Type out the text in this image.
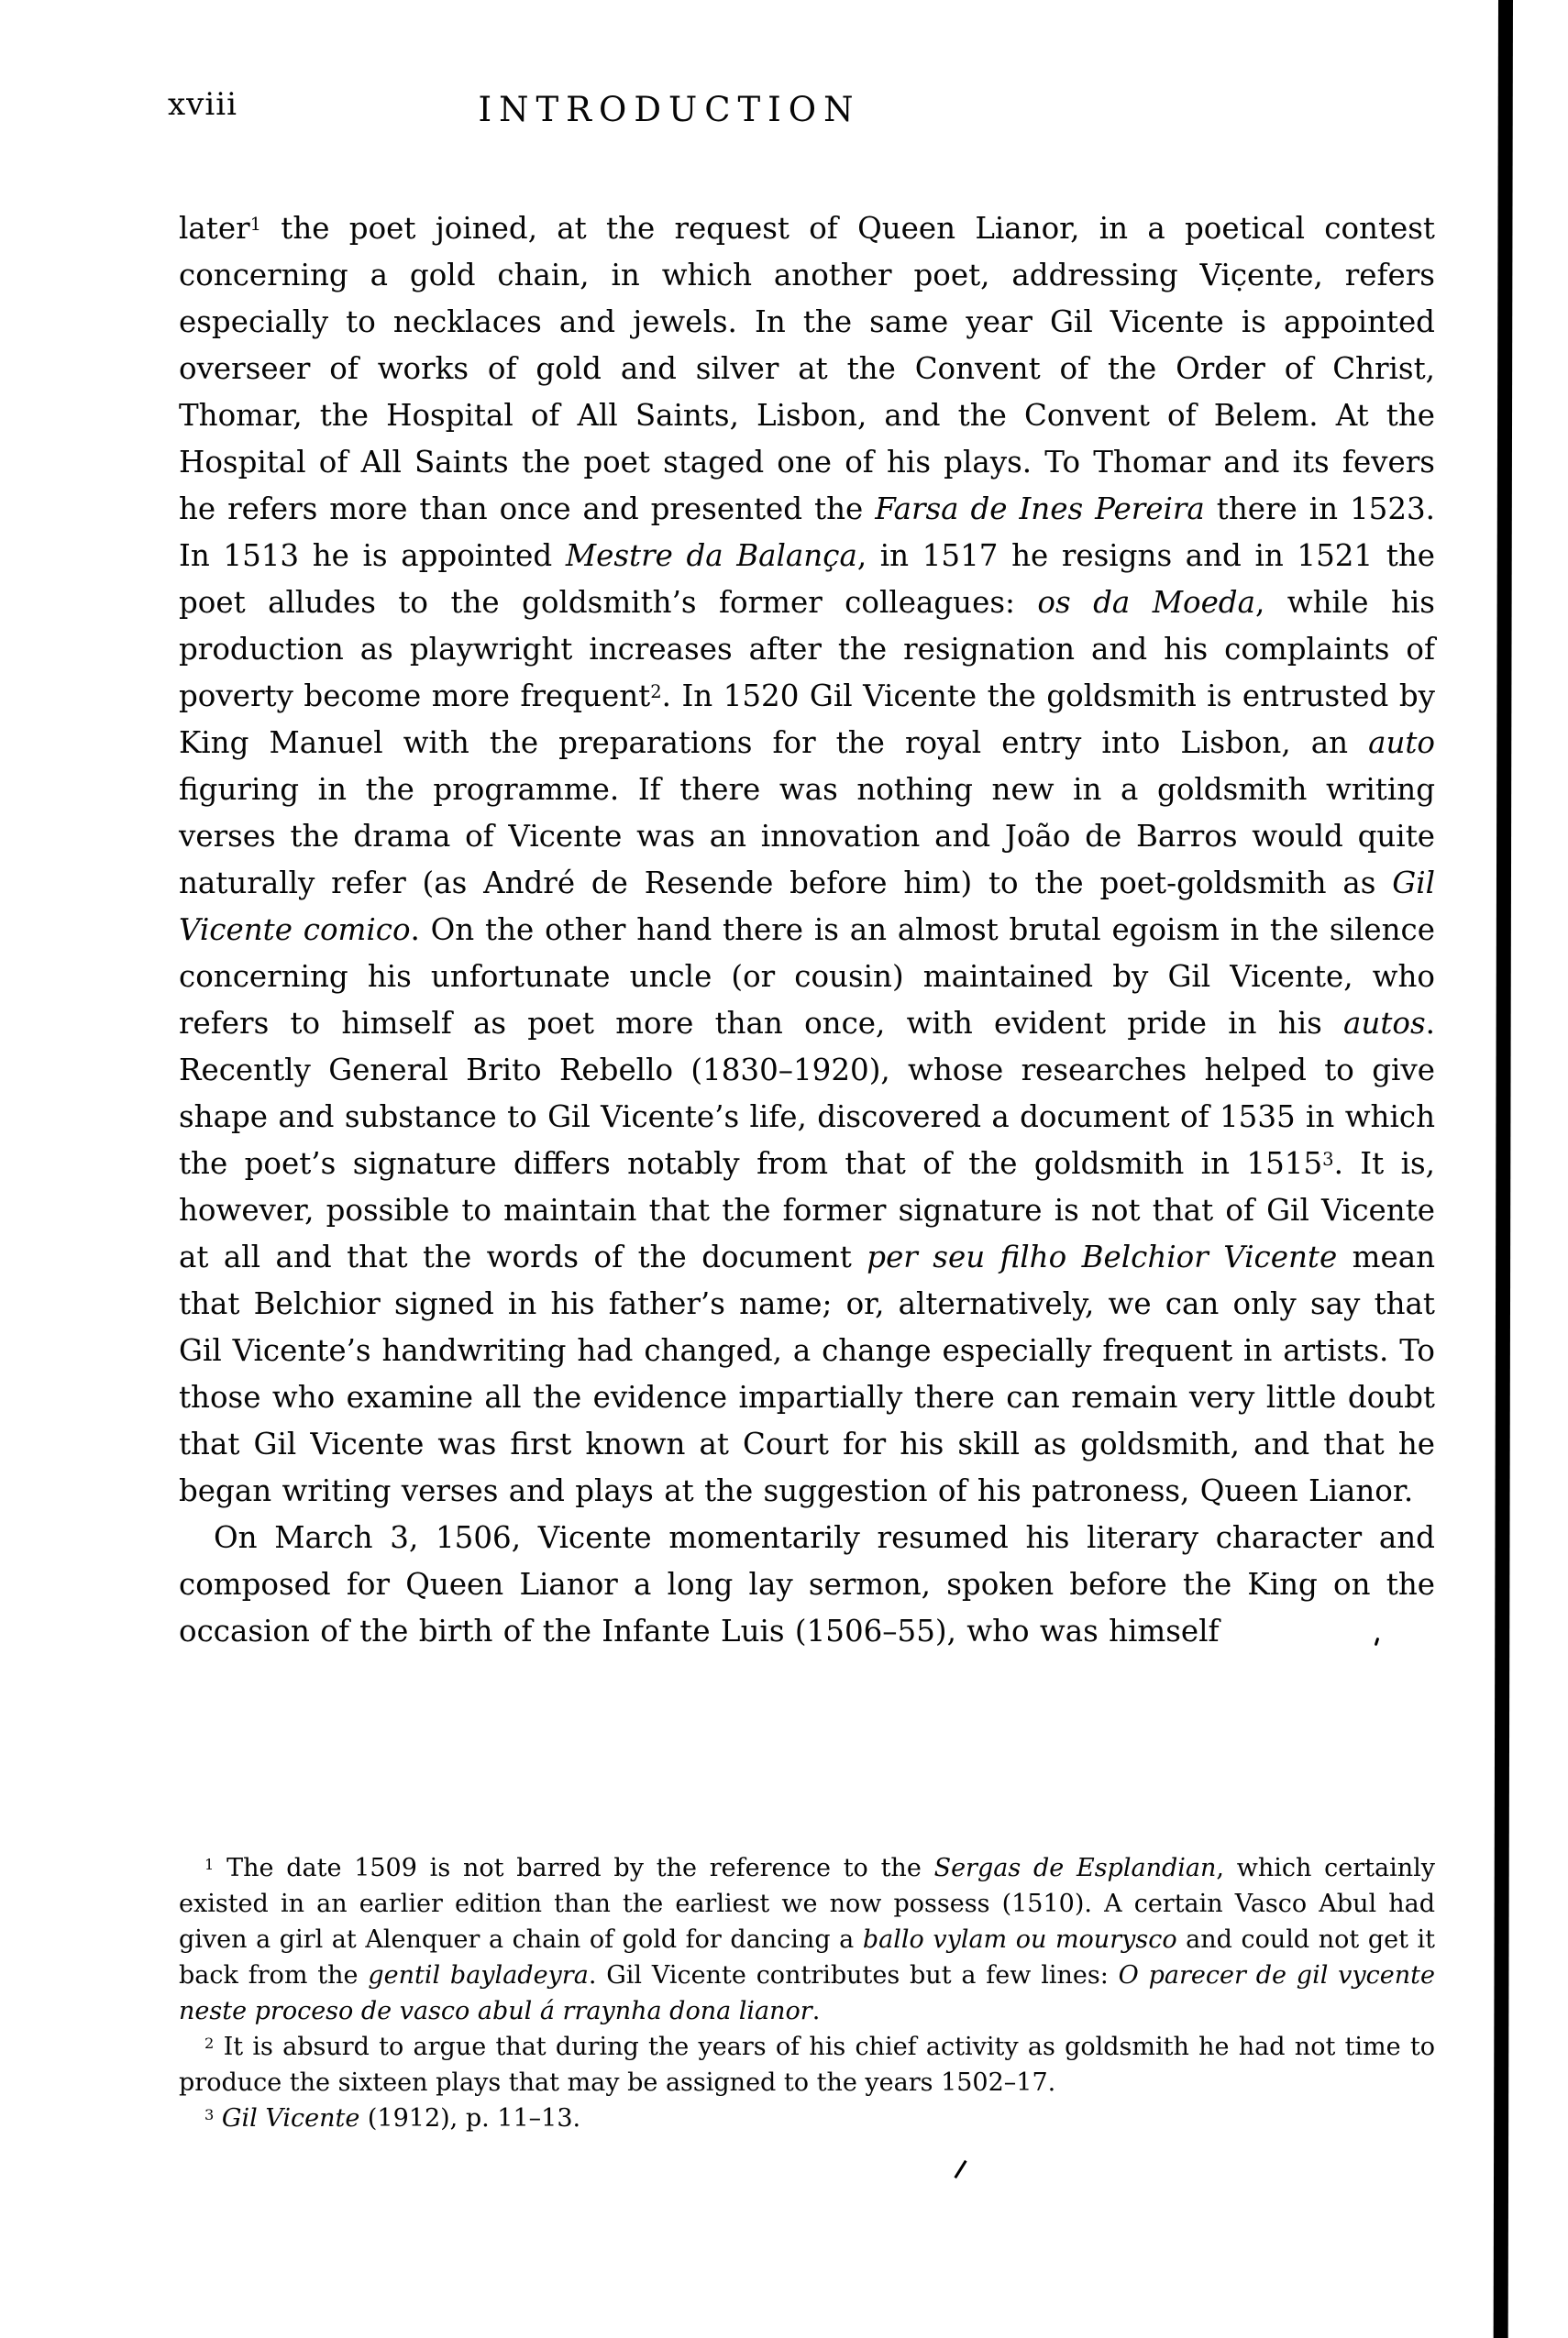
xviii	INTRODUCTION

later$^1$ the poet joined, at the request of Queen Lianor, in a poetical contest concerning a gold chain, in which another poet, addressing Vic̣ente, refers especially to necklaces and jewels. In the same year Gil Vicente is appointed overseer of works of gold and silver at the Convent of the Order of Christ, Thomar, the Hospital of All Saints, Lisbon, and the Convent of Belem. At the Hospital of All Saints the poet staged one of his plays. To Thomar and its fevers he refers more than once and presented the Farsa de Ines Pereira there in 1523. In 1513 he is appointed Mestre da Balança, in 1517 he resigns and in 1521 the poet alludes to the goldsmith’s former colleagues: os da Moeda, while his production as playwright increases after the resignation and his complaints of poverty become more frequent$^2$. In 1520 Gil Vicente the goldsmith is entrusted by King Manuel with the preparations for the royal entry into Lisbon, an auto figuring in the programme. If there was nothing new in a goldsmith writing verses the drama of Vicente was an innovation and João de Barros would quite naturally refer (as André de Resende before him) to the poet-goldsmith as Gil Vicente comico. On the other hand there is an almost brutal egoism in the silence concerning his unfortunate uncle (or cousin) maintained by Gil Vicente, who refers to himself as poet more than once, with evident pride in his autos. Recently General Brito Rebello (1830–1920), whose researches helped to give shape and substance to Gil Vicente’s life, discovered a document of 1535 in which the poet’s signature differs notably from that of the goldsmith in 1515$^3$. It is, however, possible to maintain that the former signature is not that of Gil Vicente at all and that the words of the document per seu filho Belchior Vicente mean that Belchior signed in his father’s name; or, alternatively, we can only say that Gil Vicente’s handwriting had changed, a change especially frequent in artists. To those who examine all the evidence impartially there can remain very little doubt that Gil Vicente was first known at Court for his skill as goldsmith, and that he began writing verses and plays at the suggestion of his patroness, Queen Lianor.

On March 3, 1506, Vicente momentarily resumed his literary character and composed for Queen Lianor a long lay sermon, spoken before the King on the occasion of the birth of the Infante Luis (1506–55), who was himself

$^1$ The date 1509 is not barred by the reference to the Sergas de Esplandian, which certainly existed in an earlier edition than the earliest we now possess (1510). A certain Vasco Abul had given a girl at Alenquer a chain of gold for dancing a ballo vylam ou mourysco and could not get it back from the gentil bayladeyra. Gil Vicente contributes but a few lines: O parecer de gil vycente neste proceso de vasco abul á rraynha dona lianor.

$^2$ It is absurd to argue that during the years of his chief activity as goldsmith he had not time to produce the sixteen plays that may be assigned to the years 1502–17.

$^3$ Gil Vicente (1912), p. 11–13.
